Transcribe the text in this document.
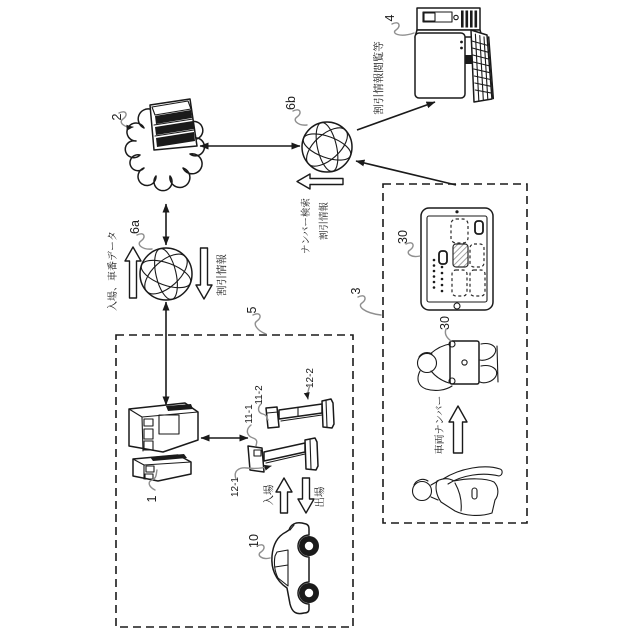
2
6a
6b
4
入場、車番データ	割引情報
ナンバー検索 割引情報
割引情報閲覧等
車両ナンバー
入場	出場
5
1
11-1
11-2
12-1
12-2
10
3
30
30
